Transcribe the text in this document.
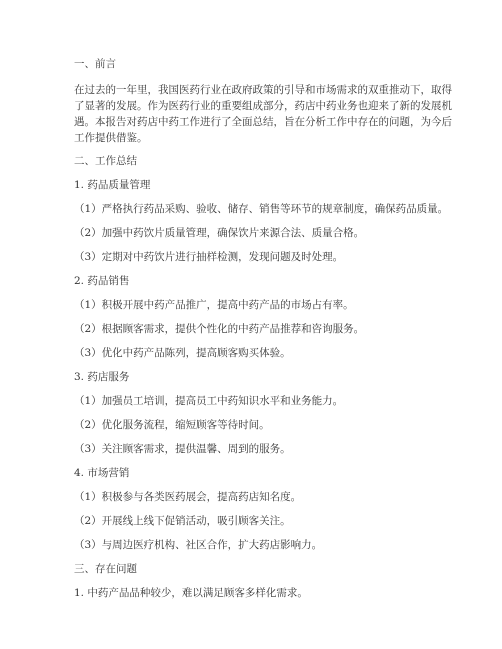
一、前言

在过去的一年里，我国医药行业在政府政策的引导和市场需求的双重推动下，取得

了显著的发展。作为医药行业的重要组成部分，药店中药业务也迎来了新的发展机

遇。本报告对药店中药工作进行了全面总结，旨在分析工作中存在的问题，为今后

工作提供借鉴。

二、工作总结

1. 药品质量管理

（1）严格执行药品采购、验收、储存、销售等环节的规章制度，确保药品质量。

（2）加强中药饮片质量管理，确保饮片来源合法、质量合格。

（3）定期对中药饮片进行抽样检测，发现问题及时处理。

2. 药品销售

（1）积极开展中药产品推广，提高中药产品的市场占有率。

（2）根据顾客需求，提供个性化的中药产品推荐和咨询服务。

（3）优化中药产品陈列，提高顾客购买体验。

3. 药店服务

（1）加强员工培训，提高员工中药知识水平和业务能力。

（2）优化服务流程，缩短顾客等待时间。

（3）关注顾客需求，提供温馨、周到的服务。

4. 市场营销

（1）积极参与各类医药展会，提高药店知名度。

（2）开展线上线下促销活动，吸引顾客关注。

（3）与周边医疗机构、社区合作，扩大药店影响力。

三、存在问题

1. 中药产品品种较少，难以满足顾客多样化需求。
